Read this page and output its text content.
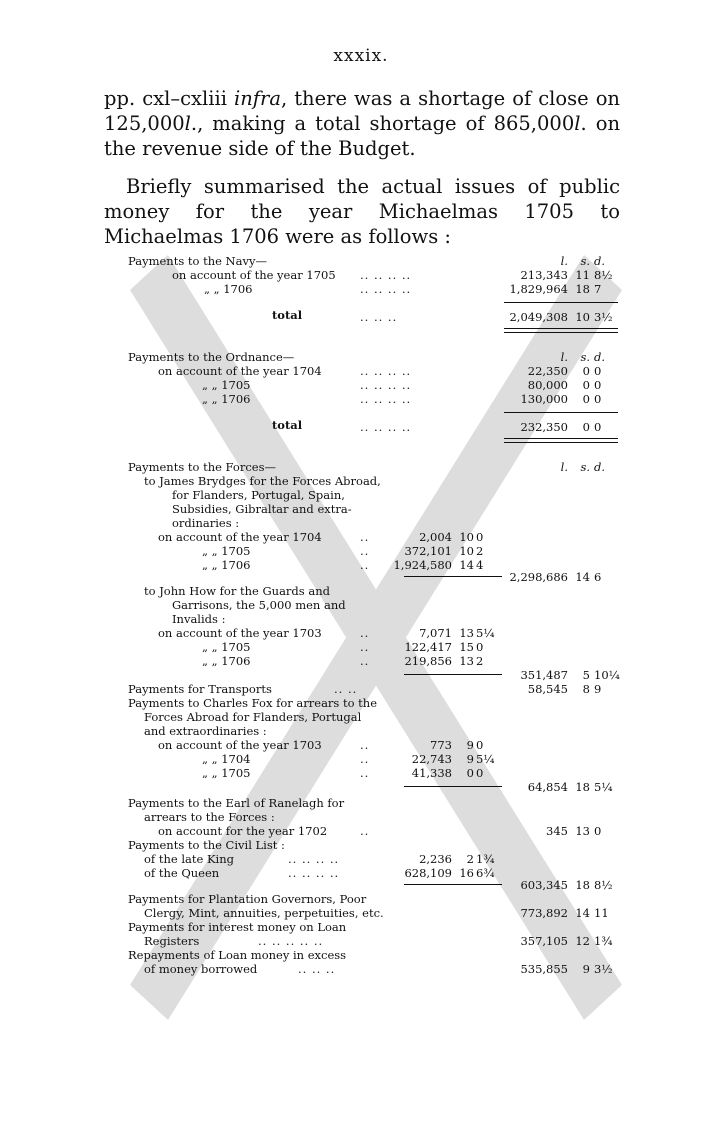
xxxix.

pp. cxl–cxliii infra, there was a shortage of close on 125,000l., making a total shortage of 865,000l. on the revenue side of the Budget.

Briefly summarised the actual issues of public money for the year Michaelmas 1705 to Michaelmas 1706 were as follows :

Payments to the Navy—	l.	s. d.
on account of the year 1705 .. .. .. ..	213,343 11 8½
„ „ 1706	.. .. .. ..	1,829,964 18 7
total	.. .. ..	2,049,308 10 3½
Payments to the Ordnance—	l.	s. d.
on account of the year 1704	.. .. .. ..	22,350	0 0
„ „ 1705	.. .. .. ..	80,000	0 0
„ „ 1706	.. .. .. ..	130,000	0 0
total	.. .. .. ..	232,350	0 0
Payments to the Forces—	l.	s. d.
to James Brydges for the Forces Abroad,
for Flanders, Portugal, Spain,
Subsidies, Gibraltar and extra-
ordinaries :
on account of the year 1704	..	2,004 10 0
„ „ 1705	..	372,101 10 2
„ „ 1706	.. 1,924,580 14 4
2,298,686 14 6
to John How for the Guards and
Garrisons, the 5,000 men and
Invalids :
on account of the year 1703	..	7,071 13 5¼
„ „ 1705	..	122,417 15 0
„ „ 1706	..	219,856 13 2
351,487	5 10¼
Payments for Transports	.. ..	58,545	8 9
Payments to Charles Fox for arrears to the
Forces Abroad for Flanders, Portugal
and extraordinaries :
on account of the year 1703	..	773	9 0
„ „ 1704	..	22,743	9 5¼
„ „ 1705	..	41,338	0 0
64,854 18 5¼
Payments to the Earl of Ranelagh for
arrears to the Forces :
on account for the year 1702	..	345 13 0
Payments to the Civil List :
of the late King	.. .. .. ..	2,236	2 1¾
of the Queen	.. .. .. ..	628,109 16 6¾
603,345 18 8½
Payments for Plantation Governors, Poor
Clergy, Mint, annuities, perpetuities, etc.	773,892 14 11
Payments for interest money on Loan
Registers	.. .. .. .. ..	357,105 12 1¾
Repayments of Loan money in excess
of money borrowed	.. .. ..	535,855	9 3½
